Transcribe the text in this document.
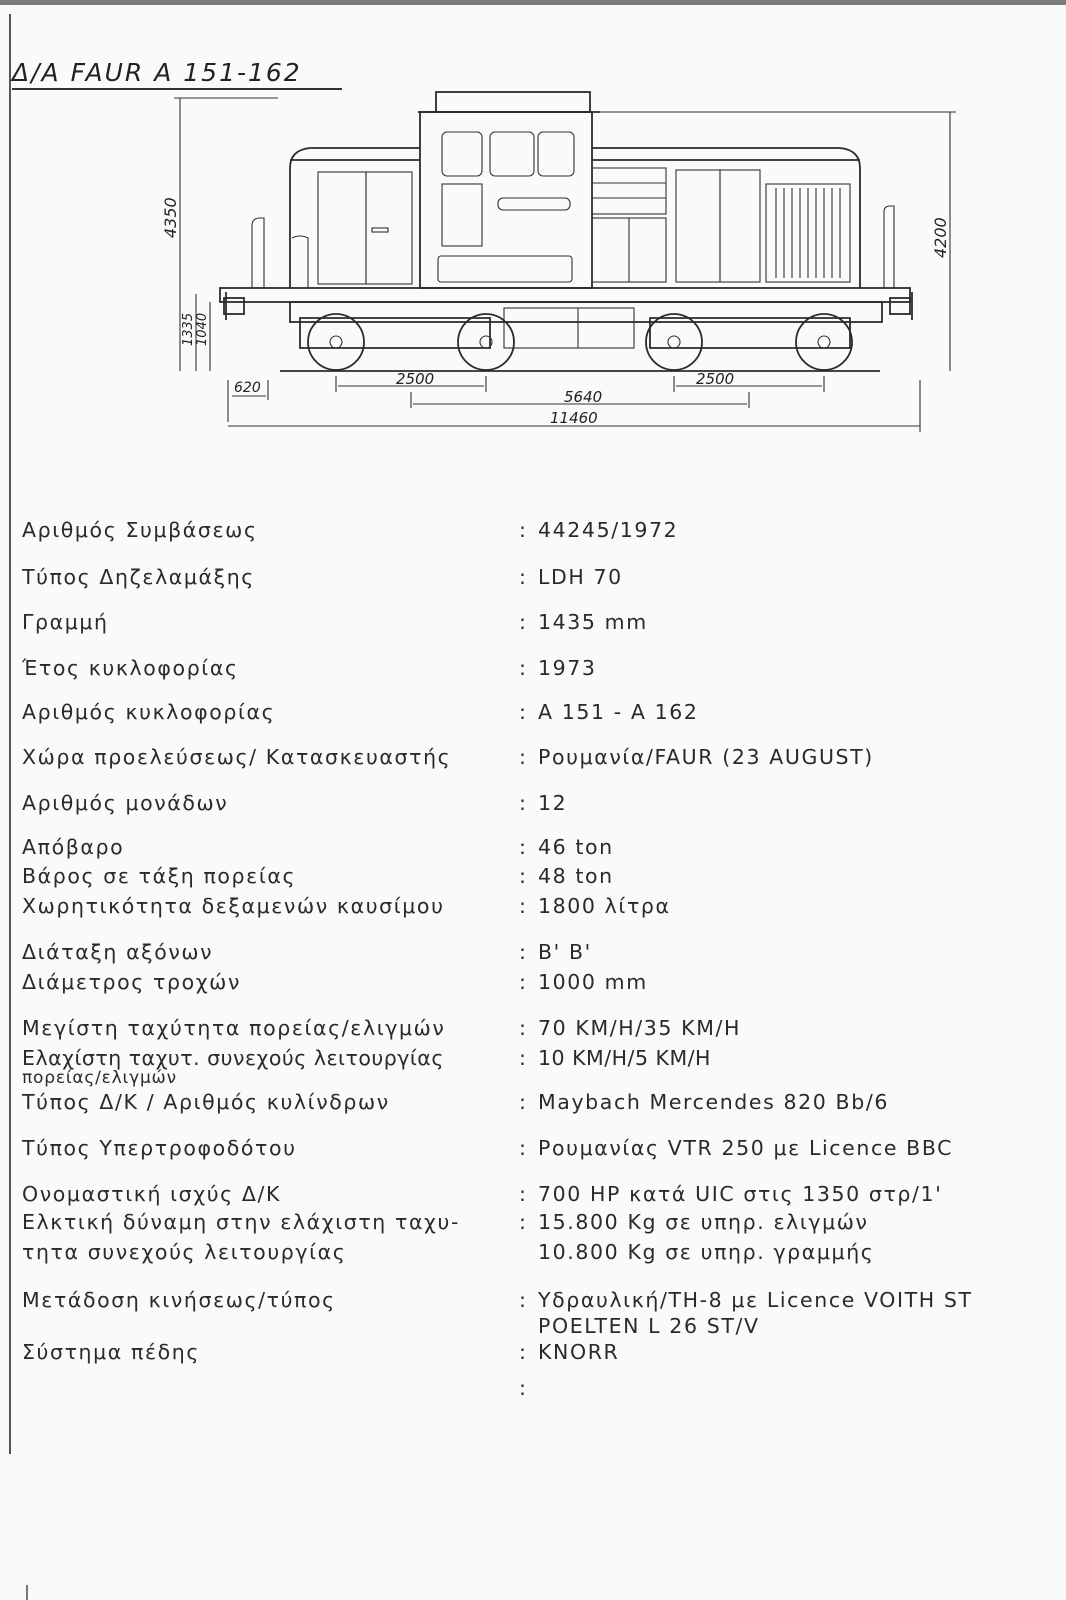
Δ/Α FAUR A 151-162
4350	4200
1335 1040
620	2500	2500
5640
11460
Αριθμός Συμβάσεως	: 44245/1972
Τύπος Δηζελαμάξης	: LDH 70
Γραμμή	: 1435 mm
Έτος κυκλοφορίας	: 1973
Αριθμός κυκλοφορίας	: A 151 - A 162
Χώρα προελεύσεως/ Κατασκευαστής	: Ρουμανία/FAUR (23 AUGUST)
Αριθμός μονάδων	: 12
Απόβαρο	: 46 ton
Βάρος σε τάξη πορείας	: 48 ton
Χωρητικότητα δεξαμενών καυσίμου	: 1800 λίτρα
Διάταξη αξόνων	: B' B'
Διάμετρος τροχών	: 1000 mm
Μεγίστη ταχύτητα πορείας/ελιγμών	: 70 KM/H/35 KM/H
Ελαχίστη ταχυτ. συνεχούς λειτουργίας	: 10 KM/H/5 KM/H
πορείας/ελιγμών
Τύπος Δ/Κ / Αριθμός κυλίνδρων	: Maybach Mercendes 820 Bb/6
Τύπος Υπερτροφοδότου	: Ρουμανίας VTR 250 με Licence BBC
Ονομαστική ισχύς Δ/Κ	: 700 HP κατά UIC στις 1350 στρ/1'
Ελκτική δύναμη στην ελάχιστη ταχυ-	: 15.800 Kg σε υπηρ. ελιγμών
τητα συνεχούς λειτουργίας	10.800 Kg σε υπηρ. γραμμής
Μετάδοση κινήσεως/τύπος	: Υδραυλική/TH-8 με Licence VOITH ST
POELTEN L 26 ST/V
Σύστημα πέδης	: KNORR
:
